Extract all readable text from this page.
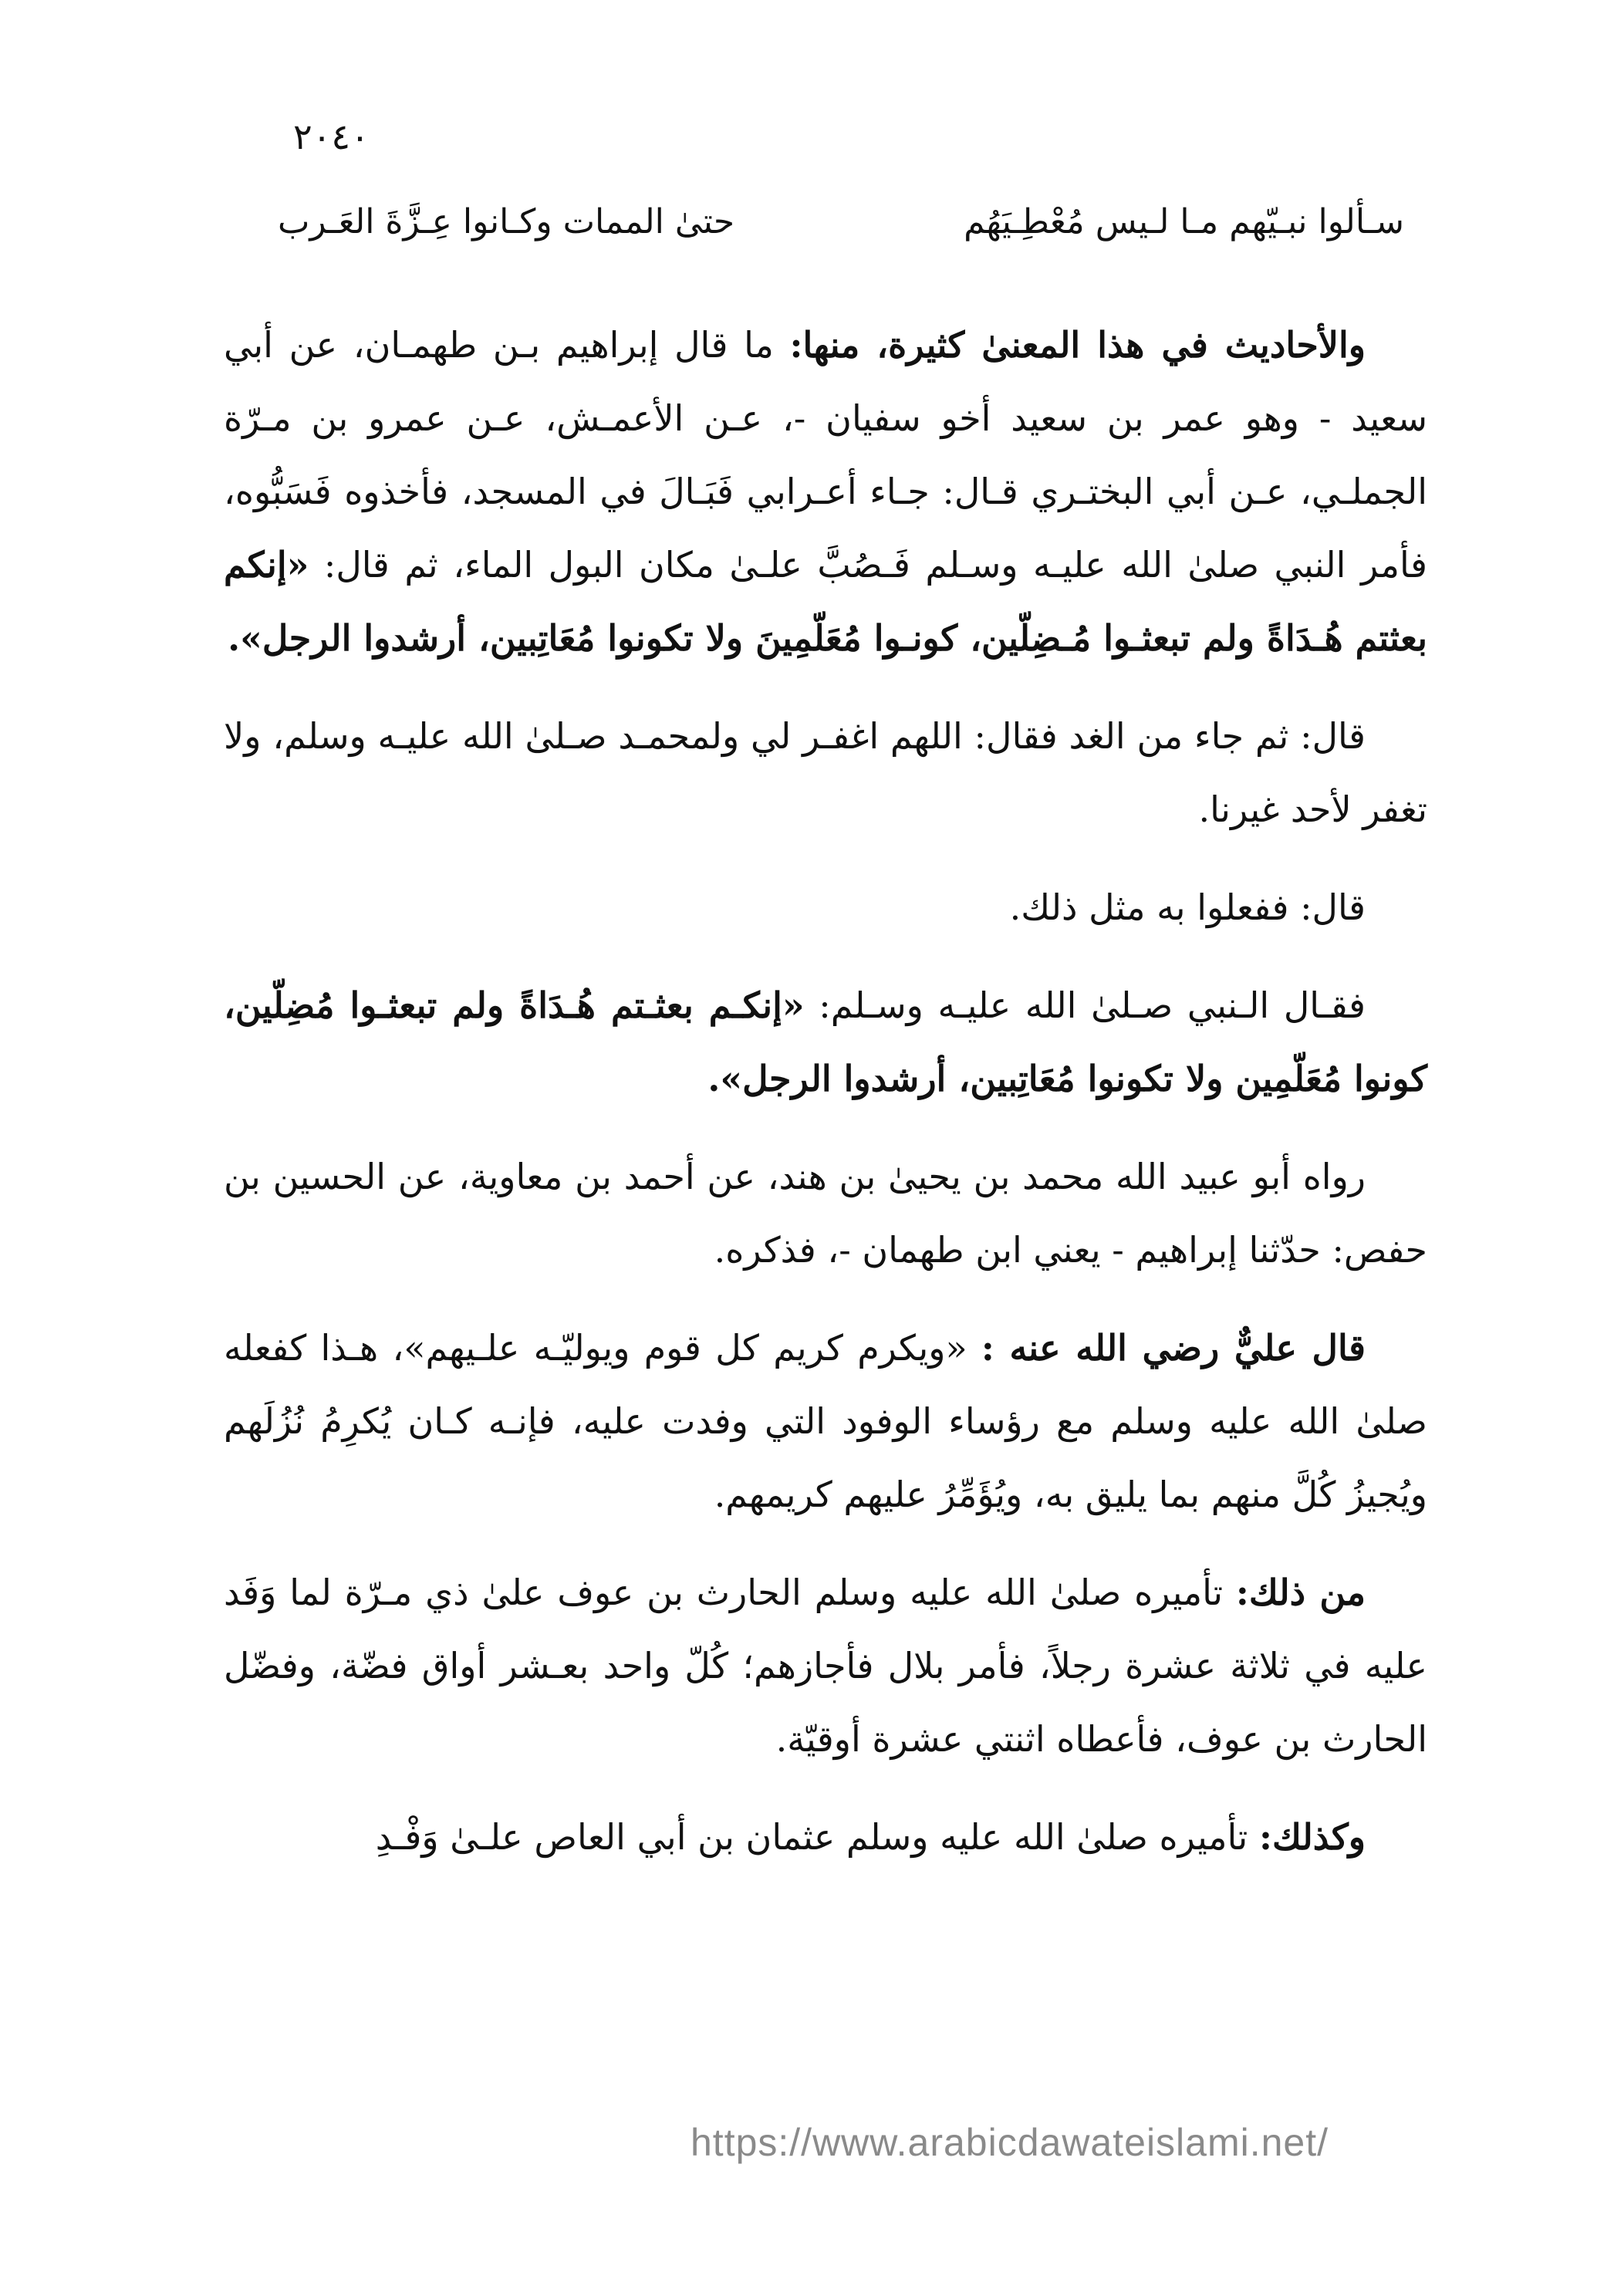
٢٠٤٠
سـألوا نبـيّهم مـا لـيس مُعْطِـيَهُم
حتىٰ الممات وكـانوا عِـزَّةَ العَـرب

والأحاديث في هذا المعنىٰ كثيرة، منها: ما قال إبراهيم بـن طهمـان، عن أبي سعيد - وهو عمر بن سعيد أخو سفيان -، عـن الأعمـش، عـن عمرو بن مـرّة الجملـي، عـن أبي البختـري قـال: جـاء أعـرابي فَبَـالَ في المسجد، فأخذوه فَسَبُّوه، فأمر النبي صلىٰ الله عليـه وسـلم فَـصُبَّ علـىٰ مكان البول الماء، ثم قال: «إنكم بعثتم هُـدَاةً ولم تبعثـوا مُـضِلّين، كونـوا مُعَلّمِينَ ولا تكونوا مُعَاتِبين، أرشدوا الرجل».

قال: ثم جاء من الغد فقال: اللهم اغفـر لي ولمحمـد صـلىٰ الله عليـه وسلم، ولا تغفر لأحد غيرنا.

قال: ففعلوا به مثل ذلك.

فقـال الـنبي صـلىٰ الله عليـه وسـلم: «إنكـم بعثـتم هُـدَاةً ولم تبعثـوا مُضِلّين، كونوا مُعَلّمِين ولا تكونوا مُعَاتِبين، أرشدوا الرجل».

رواه أبو عبيد الله محمد بن يحيىٰ بن هند، عن أحمد بن معاوية، عن الحسين بن حفص: حدّثنا إبراهيم - يعني ابن طهمان -، فذكره.

قال عليٌّ رضي الله عنه : «ويكرم كريم كل قوم ويوليّـه علـيهم»، هـذا كفعله صلىٰ الله عليه وسلم مع رؤساء الوفود التي وفدت عليه، فإنـه كـان يُكرِمُ نُزُلَهم ويُجيزُ كُلَّ منهم بما يليق به، ويُؤَمِّرُ عليهم كريمهم.

من ذلك: تأميره صلىٰ الله عليه وسلم الحارث بن عوف علىٰ ذي مـرّة لما وَفَد عليه في ثلاثة عشرة رجلاً، فأمر بلال فأجازهم؛ كُلّ واحد بعـشر أواق فضّة، وفضّل الحارث بن عوف، فأعطاه اثنتي عشرة أوقيّة.

وكذلك: تأميره صلىٰ الله عليه وسلم عثمان بن أبي العاص علـىٰ وَفْـدِ

https://www.arabicdawateislami.net/
